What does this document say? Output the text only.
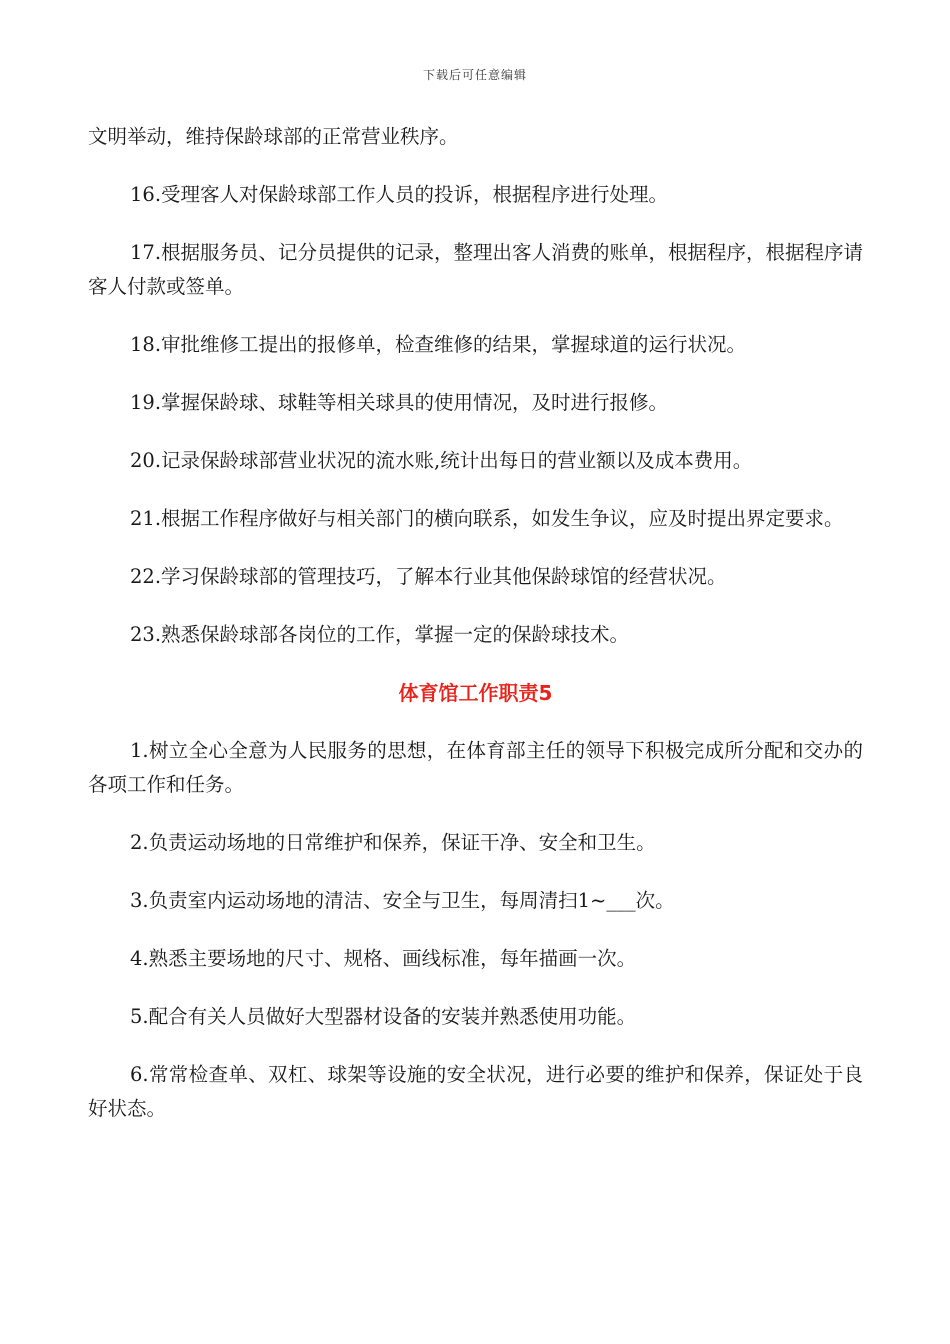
下载后可任意编辑

文明举动，维持保龄球部的正常营业秩序。

16.受理客人对保龄球部工作人员的投诉，根据程序进行处理。

17.根据服务员、记分员提供的记录，整理出客人消费的账单，根据程序，根据程序请客人付款或签单。

18.审批维修工提出的报修单，检查维修的结果，掌握球道的运行状况。

19.掌握保龄球、球鞋等相关球具的使用情况，及时进行报修。

20.记录保龄球部营业状况的流水账,统计出每日的营业额以及成本费用。

21.根据工作程序做好与相关部门的横向联系，如发生争议，应及时提出界定要求。

22.学习保龄球部的管理技巧，了解本行业其他保龄球馆的经营状况。

23.熟悉保龄球部各岗位的工作，掌握一定的保龄球技术。

体育馆工作职责5

1.树立全心全意为人民服务的思想，在体育部主任的领导下积极完成所分配和交办的各项工作和任务。

2.负责运动场地的日常维护和保养，保证干净、安全和卫生。

3.负责室内运动场地的清洁、安全与卫生，每周清扫1~___次。

4.熟悉主要场地的尺寸、规格、画线标准，每年描画一次。

5.配合有关人员做好大型器材设备的安装并熟悉使用功能。

6.常常检查单、双杠、球架等设施的安全状况，进行必要的维护和保养，保证处于良好状态。
